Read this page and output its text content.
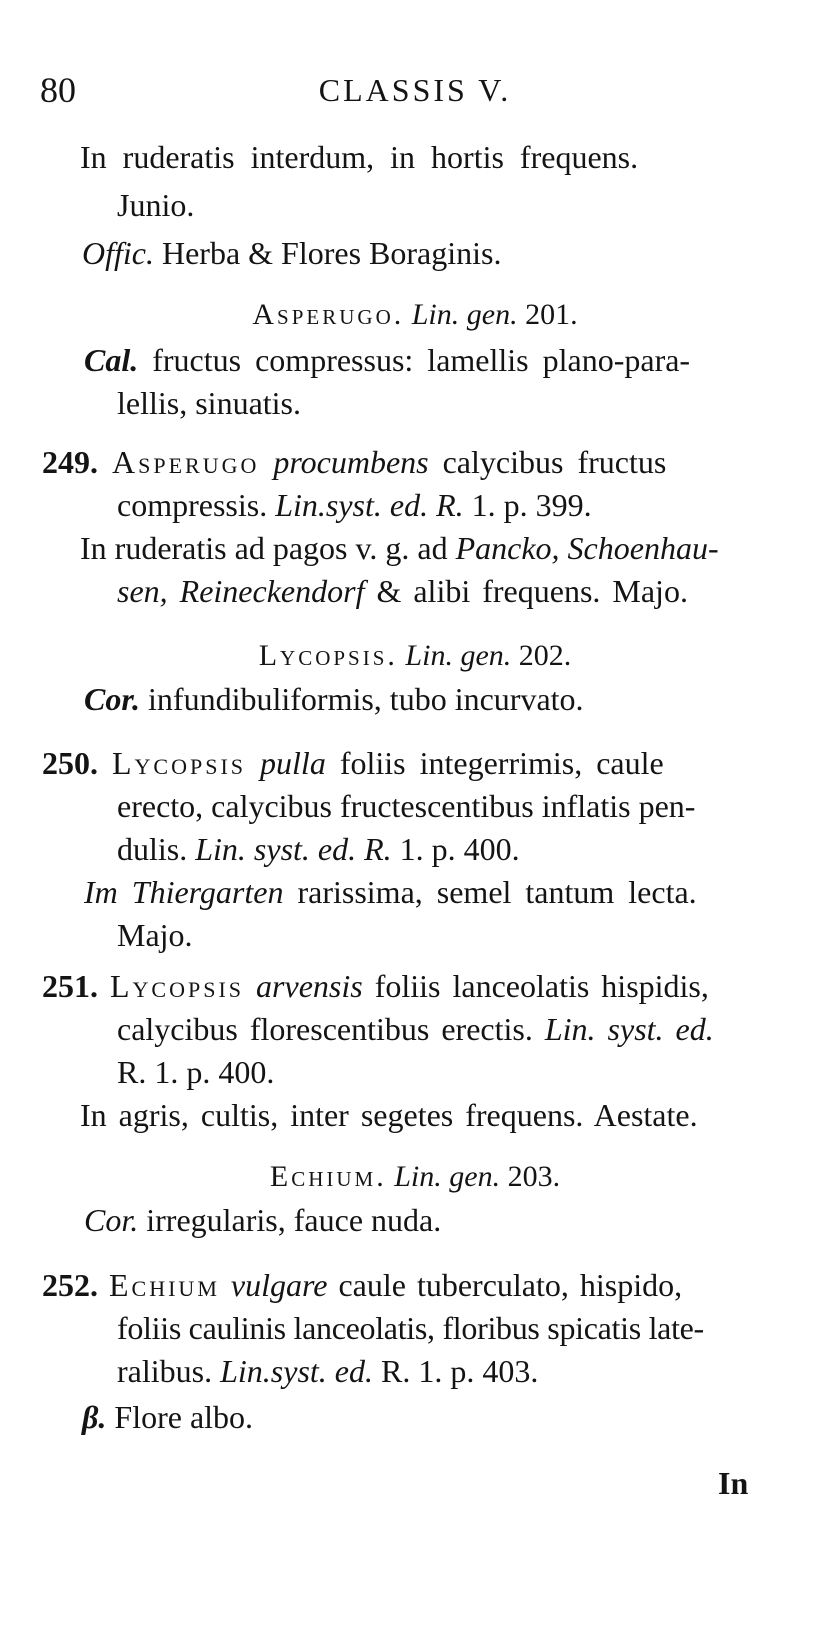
80	CLASSIS V.
In ruderatis interdum, in hortis frequens.
Junio.
Offic. Herba & Flores Boraginis.
Asperugo. Lin. gen. 201.
Cal. fructus compressus: lamellis plano-para-
lellis, sinuatis.
249. Asperugo procumbens calycibus fructus
compressis. Lin.syst. ed. R. 1. p. 399.
In ruderatis ad pagos v. g. ad Pancko, Schoenhau-
sen, Reineckendorf & alibi frequens. Majo.
Lycopsis. Lin. gen. 202.
Cor. infundibuliformis, tubo incurvato.
250. Lycopsis pulla foliis integerrimis, caule
erecto, calycibus fructescentibus inflatis pen-
dulis. Lin. syst. ed. R. 1. p. 400.
Im Thiergarten rarissima, semel tantum lecta.
Majo.
251. Lycopsis arvensis foliis lanceolatis hispidis,
calycibus florescentibus erectis. Lin. syst. ed.
R. 1. p. 400.
In agris, cultis, inter segetes frequens. Aestate.
Echium. Lin. gen. 203.
Cor. irregularis, fauce nuda.
252. Echium vulgare caule tuberculato, hispido,
foliis caulinis lanceolatis, floribus spicatis late-
ralibus. Lin.syst. ed. R. 1. p. 403.
β. Flore albo.
In
